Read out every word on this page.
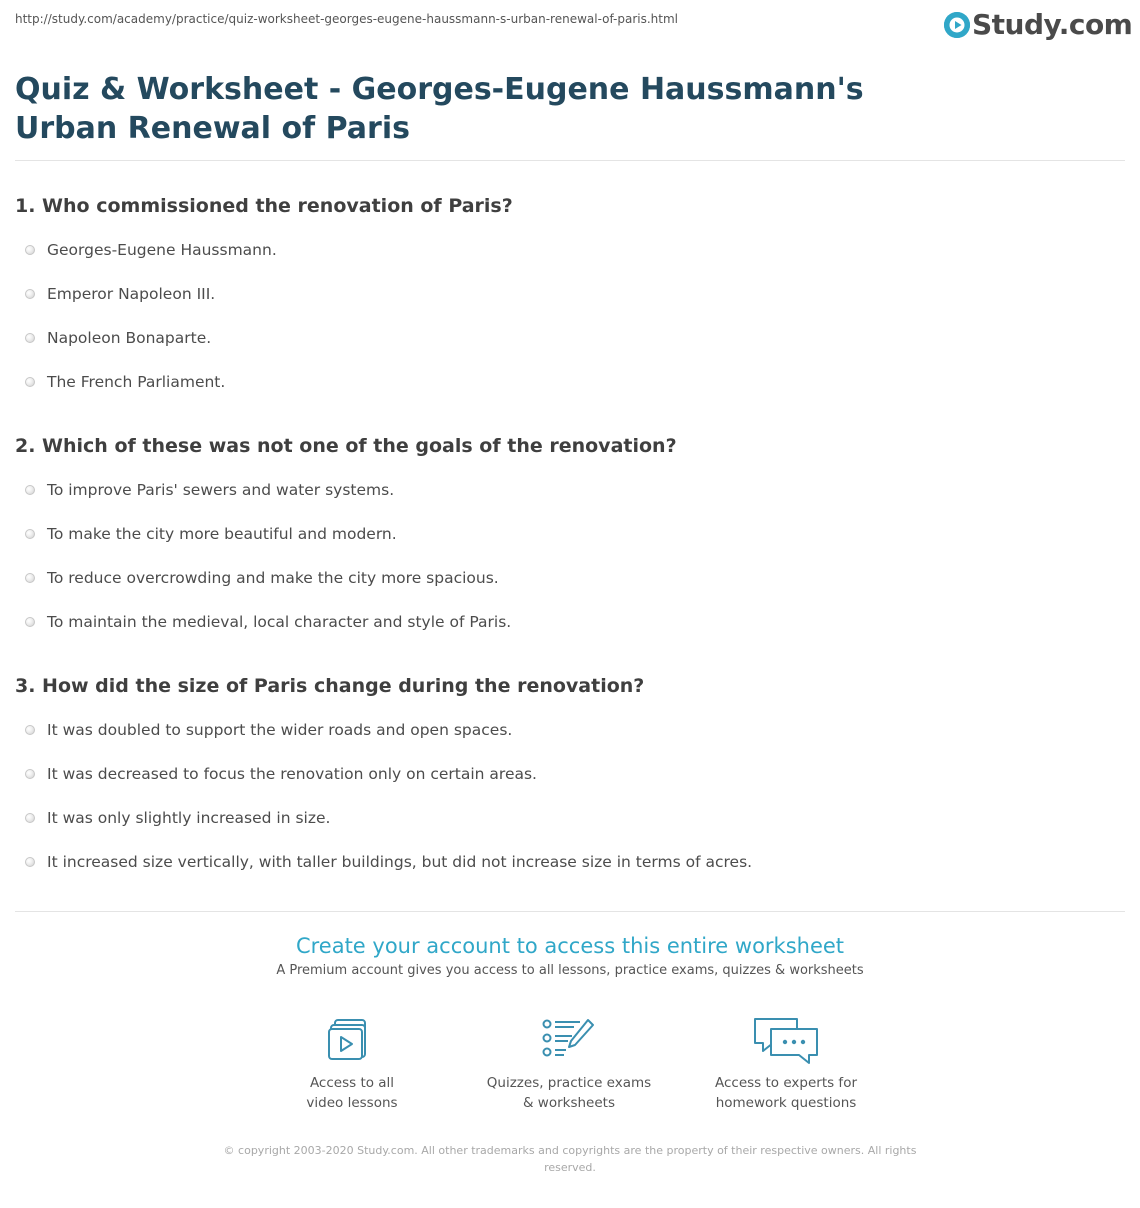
http://study.com/academy/practice/quiz-worksheet-georges-eugene-haussmann-s-urban-renewal-of-paris.html	Study.com
Quiz & Worksheet - Georges-Eugene Haussmann's Urban Renewal of Paris
1. Who commissioned the renovation of Paris?
Georges-Eugene Haussmann.
Emperor Napoleon III.
Napoleon Bonaparte.
The French Parliament.
2. Which of these was not one of the goals of the renovation?
To improve Paris' sewers and water systems.
To make the city more beautiful and modern.
To reduce overcrowding and make the city more spacious.
To maintain the medieval, local character and style of Paris.
3. How did the size of Paris change during the renovation?
It was doubled to support the wider roads and open spaces.
It was decreased to focus the renovation only on certain areas.
It was only slightly increased in size.
It increased size vertically, with taller buildings, but did not increase size in terms of acres.
Create your account to access this entire worksheet
A Premium account gives you access to all lessons, practice exams, quizzes & worksheets
Access to all
video lessons
Quizzes, practice exams
& worksheets
Access to experts for
homework questions
© copyright 2003-2020 Study.com. All other trademarks and copyrights are the property of their respective owners. All rights
reserved.
